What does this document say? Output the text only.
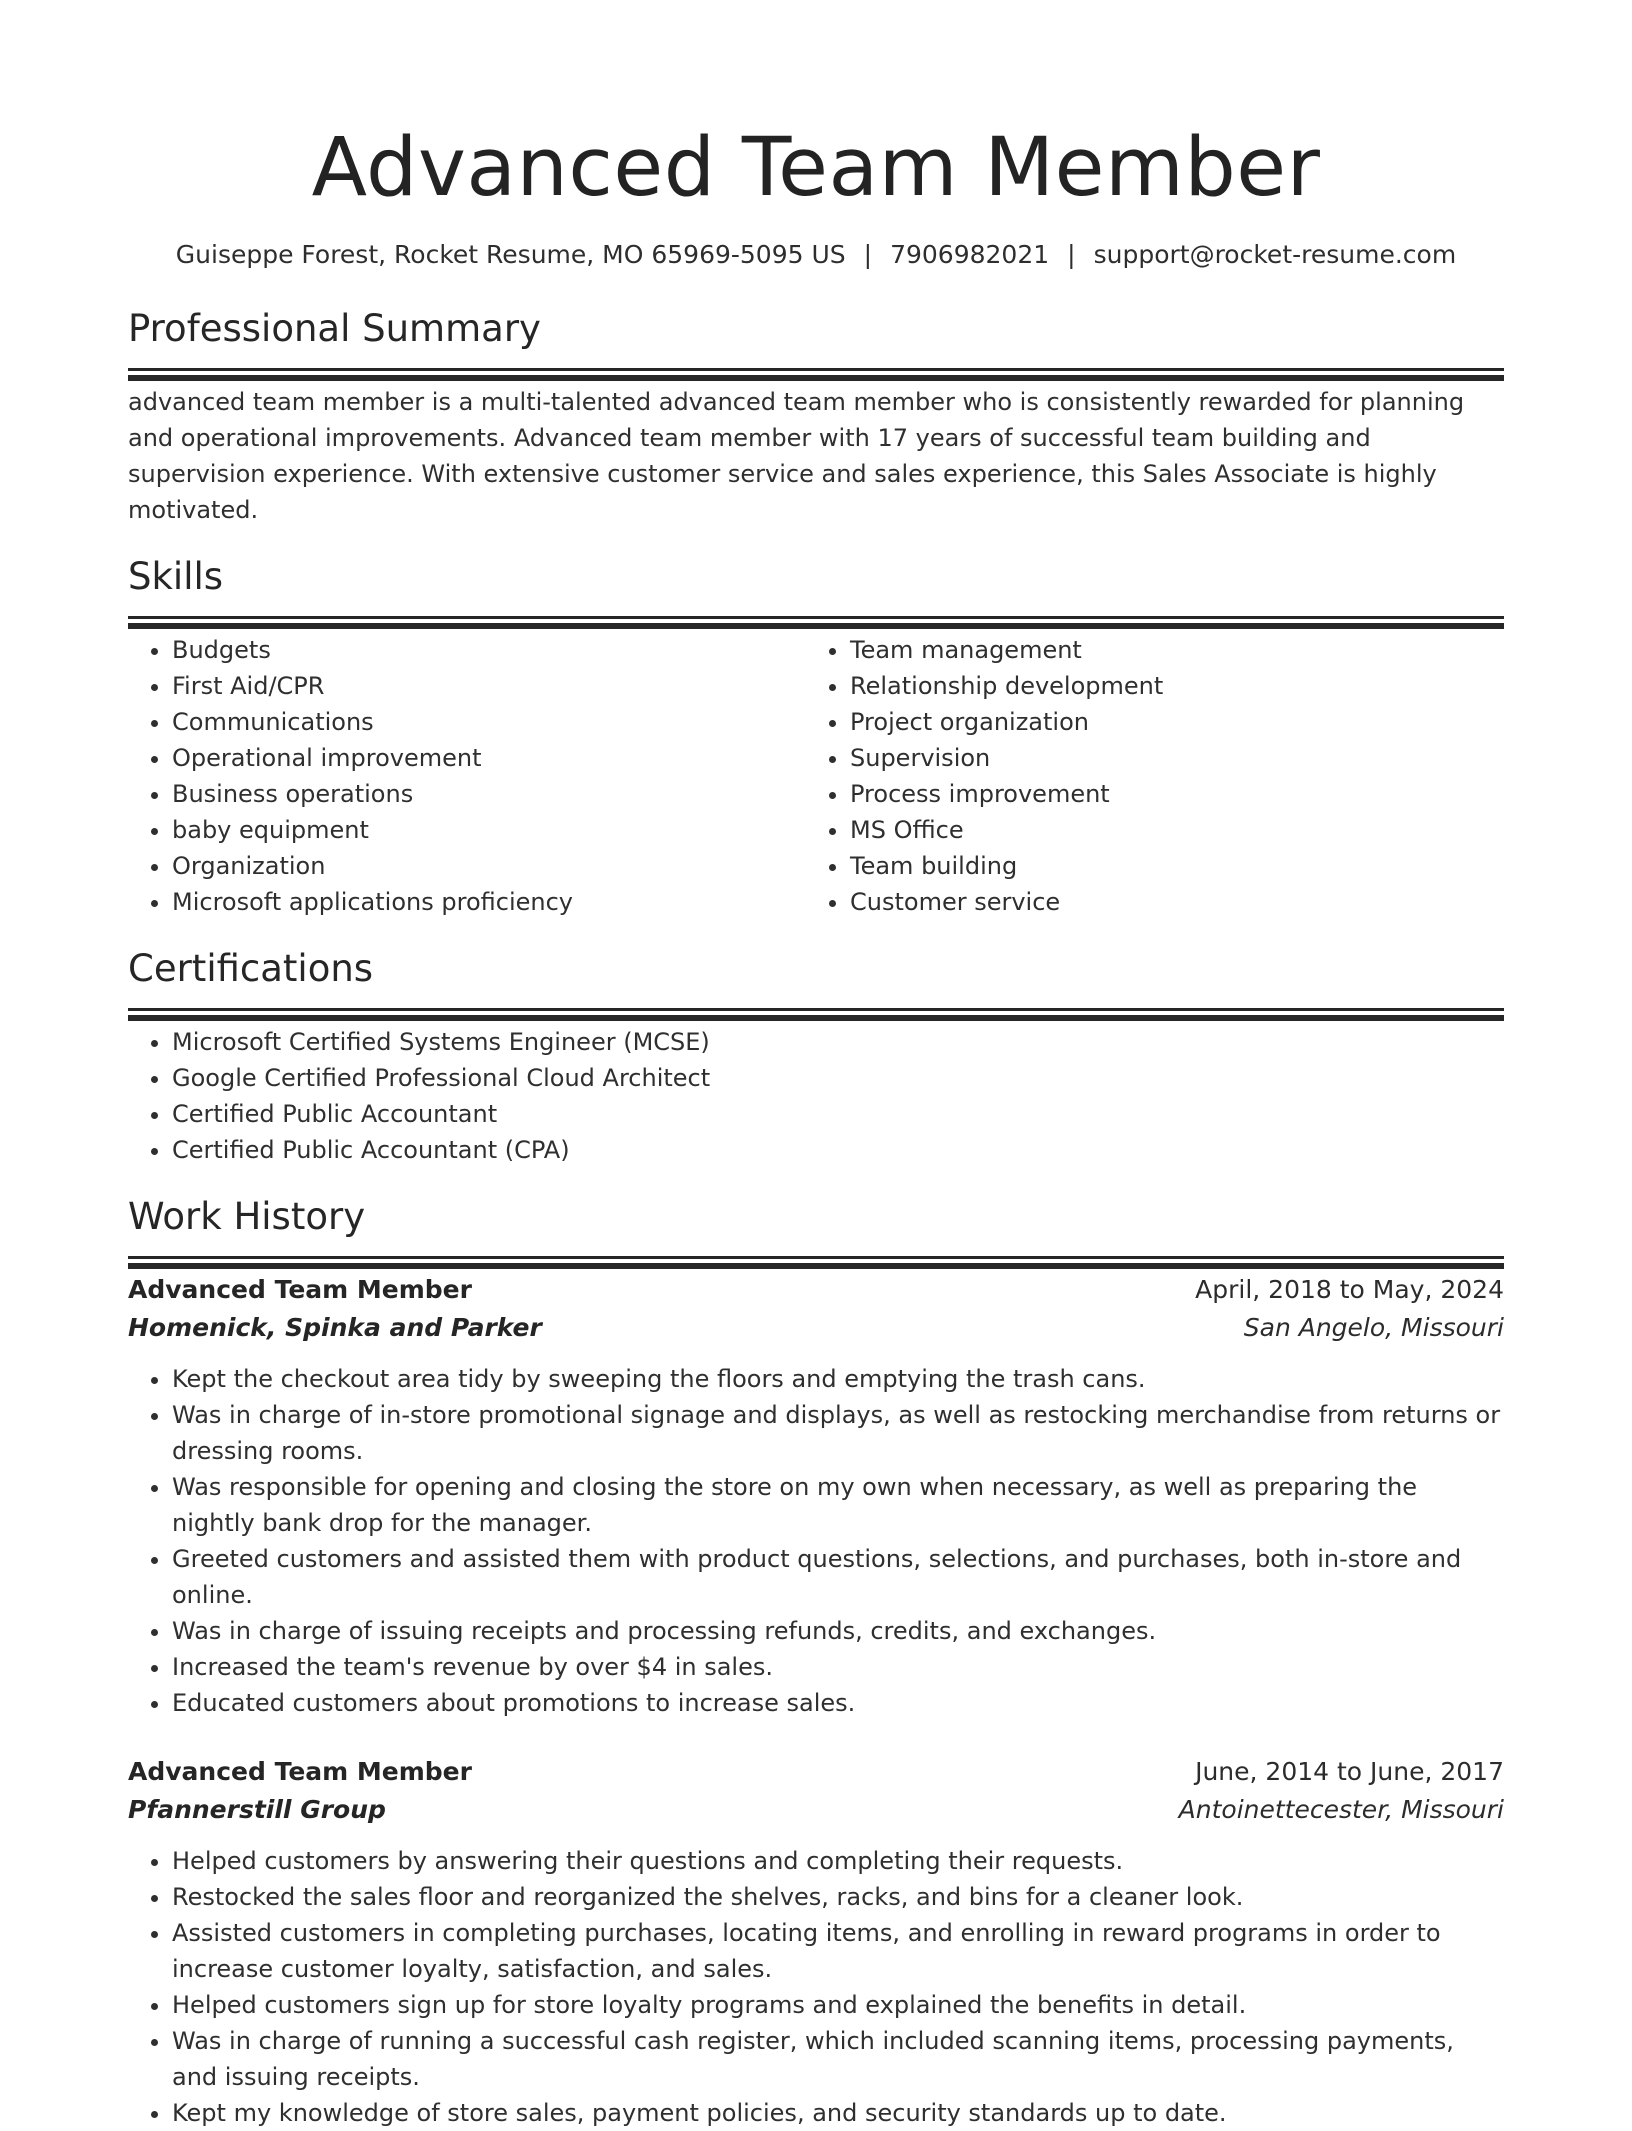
Advanced Team Member
Guiseppe Forest, Rocket Resume, MO 65969-5095 US | 7906982021 | support@rocket-resume.com
Professional Summary

advanced team member is a multi-talented advanced team member who is consistently rewarded for planning and operational improvements. Advanced team member with 17 years of successful team building and supervision experience. With extensive customer service and sales experience, this Sales Associate is highly motivated.

Skills
• Budgets
• First Aid/CPR
• Communications
• Operational improvement
• Business operations
• baby equipment
• Organization
• Microsoft applications proficiency
• Team management
• Relationship development
• Project organization
• Supervision
• Process improvement
• MS Office
• Team building
• Customer service
Certifications
• Microsoft Certified Systems Engineer (MCSE)
• Google Certified Professional Cloud Architect
• Certified Public Accountant
• Certified Public Accountant (CPA)
Work History
Advanced Team Member	April, 2018 to May, 2024
Homenick, Spinka and Parker	San Angelo, Missouri
• Kept the checkout area tidy by sweeping the floors and emptying the trash cans.
• Was in charge of in-store promotional signage and displays, as well as restocking merchandise from returns or dressing rooms.
• Was responsible for opening and closing the store on my own when necessary, as well as preparing the nightly bank drop for the manager.
• Greeted customers and assisted them with product questions, selections, and purchases, both in-store and online.
• Was in charge of issuing receipts and processing refunds, credits, and exchanges.
• Increased the team's revenue by over $4 in sales.
• Educated customers about promotions to increase sales.
Advanced Team Member	June, 2014 to June, 2017
Pfannerstill Group	Antoinettecester, Missouri
• Helped customers by answering their questions and completing their requests.
• Restocked the sales floor and reorganized the shelves, racks, and bins for a cleaner look.
• Assisted customers in completing purchases, locating items, and enrolling in reward programs in order to increase customer loyalty, satisfaction, and sales.
• Helped customers sign up for store loyalty programs and explained the benefits in detail.
• Was in charge of running a successful cash register, which included scanning items, processing payments, and issuing receipts.
• Kept my knowledge of store sales, payment policies, and security standards up to date.
